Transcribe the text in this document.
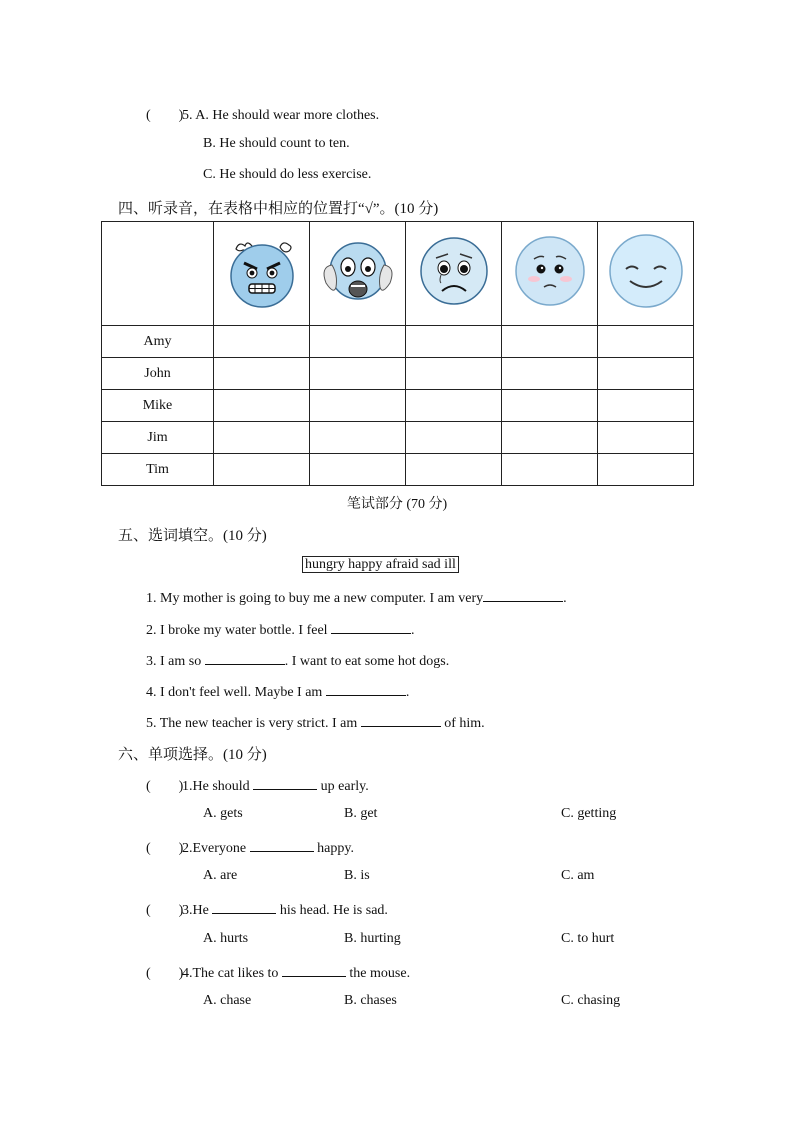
(　　)5. A. He should wear more clothes.
B. He should count to ten.
C. He should do less exercise.
四、听录音，在表格中相应的位置打“√”。(10 分)

Amy					
John					
Mike					
Jim					
Tim					
笔试部分 (70 分)
五、选词填空。(10 分)
hungry happy afraid sad ill
1. My mother is going to buy me a new computer. I am very	.
2. I broke my water bottle. I feel	.
3. I am so	. I want to eat some hot dogs.
4. I don't feel well. Maybe I am	.
5. The new teacher is very strict. I am	of him.
六、单项选择。(10 分)
(　　)1.He should	up early.
A. gets	B. get	C. getting
(　　)2.Everyone	happy.
A. are	B. is	C. am
(　　)3.He	his head. He is sad.
A. hurts	B. hurting	C. to hurt
(　　)4.The cat likes to	the mouse.
A. chase	B. chases	C. chasing
